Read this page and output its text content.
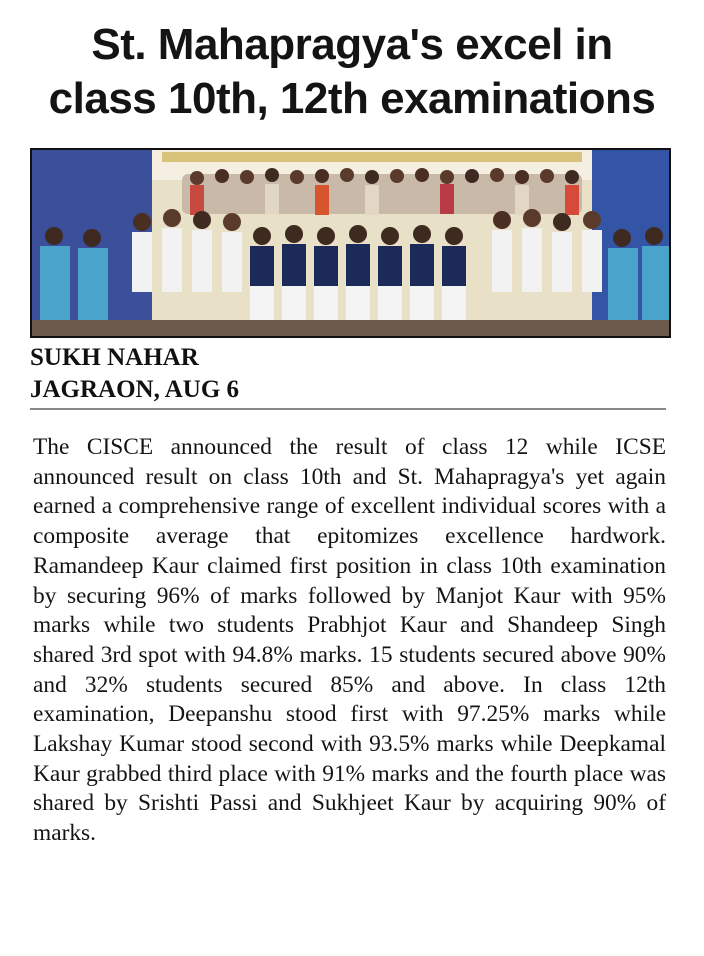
St. Mahapragya's excel in
class 10th, 12th examinations
SUKH NAHAR
JAGRAON, AUG 6
The CISCE announced the result of class 12 while ICSE announced result on class 10th and St. Mahapragya's yet again earned a comprehensive range of excellent individual scores with a composite average that epitomizes excellence hardwork. Ramandeep Kaur claimed first position in class 10th examination by securing 96% of marks followed by Manjot Kaur with 95% marks while two students Prabhjot Kaur and Shandeep Singh shared 3rd spot with 94.8% marks. 15 students secured above 90% and 32% students secured 85% and above. In class 12th examination, Deepanshu stood first with 97.25% marks while Lakshay Kumar stood second with 93.5% marks while Deepkamal Kaur grabbed third place with 91% marks and the fourth place was shared by Srishti Passi and Sukhjeet Kaur by acquiring 90% of marks.
